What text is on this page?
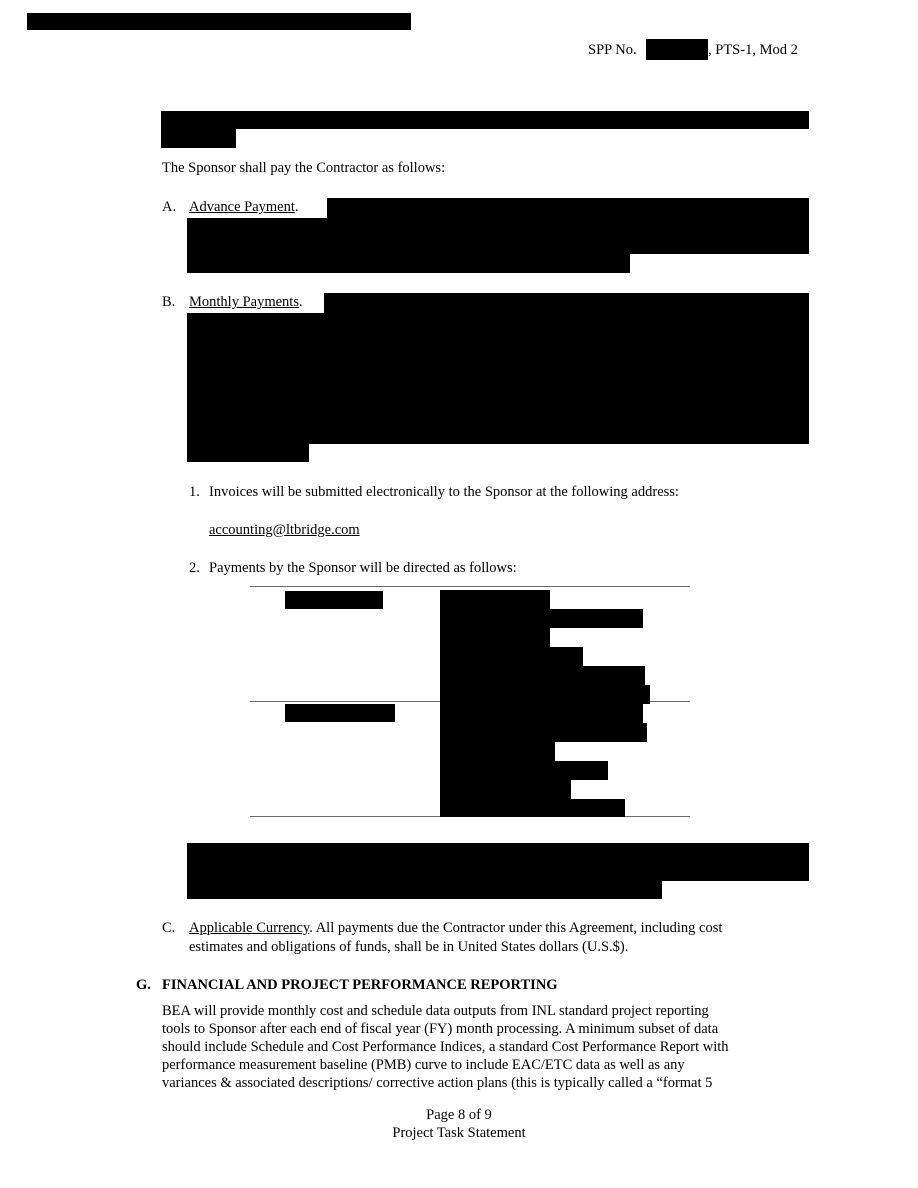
SPP No.	, PTS-1, Mod 2
The Sponsor shall pay the Contractor as follows:
A. Advance Payment.
B. Monthly Payments.
1. Invoices will be submitted electronically to the Sponsor at the following address:
accounting@ltbridge.com
2. Payments by the Sponsor will be directed as follows:
C. Applicable Currency. All payments due the Contractor under this Agreement, including cost
estimates and obligations of funds, shall be in United States dollars (U.S.$).
G. FINANCIAL AND PROJECT PERFORMANCE REPORTING
BEA will provide monthly cost and schedule data outputs from INL standard project reporting
tools to Sponsor after each end of fiscal year (FY) month processing. A minimum subset of data
should include Schedule and Cost Performance Indices, a standard Cost Performance Report with
performance measurement baseline (PMB) curve to include EAC/ETC data as well as any
variances & associated descriptions/ corrective action plans (this is typically called a “format 5
Page 8 of 9
Project Task Statement
